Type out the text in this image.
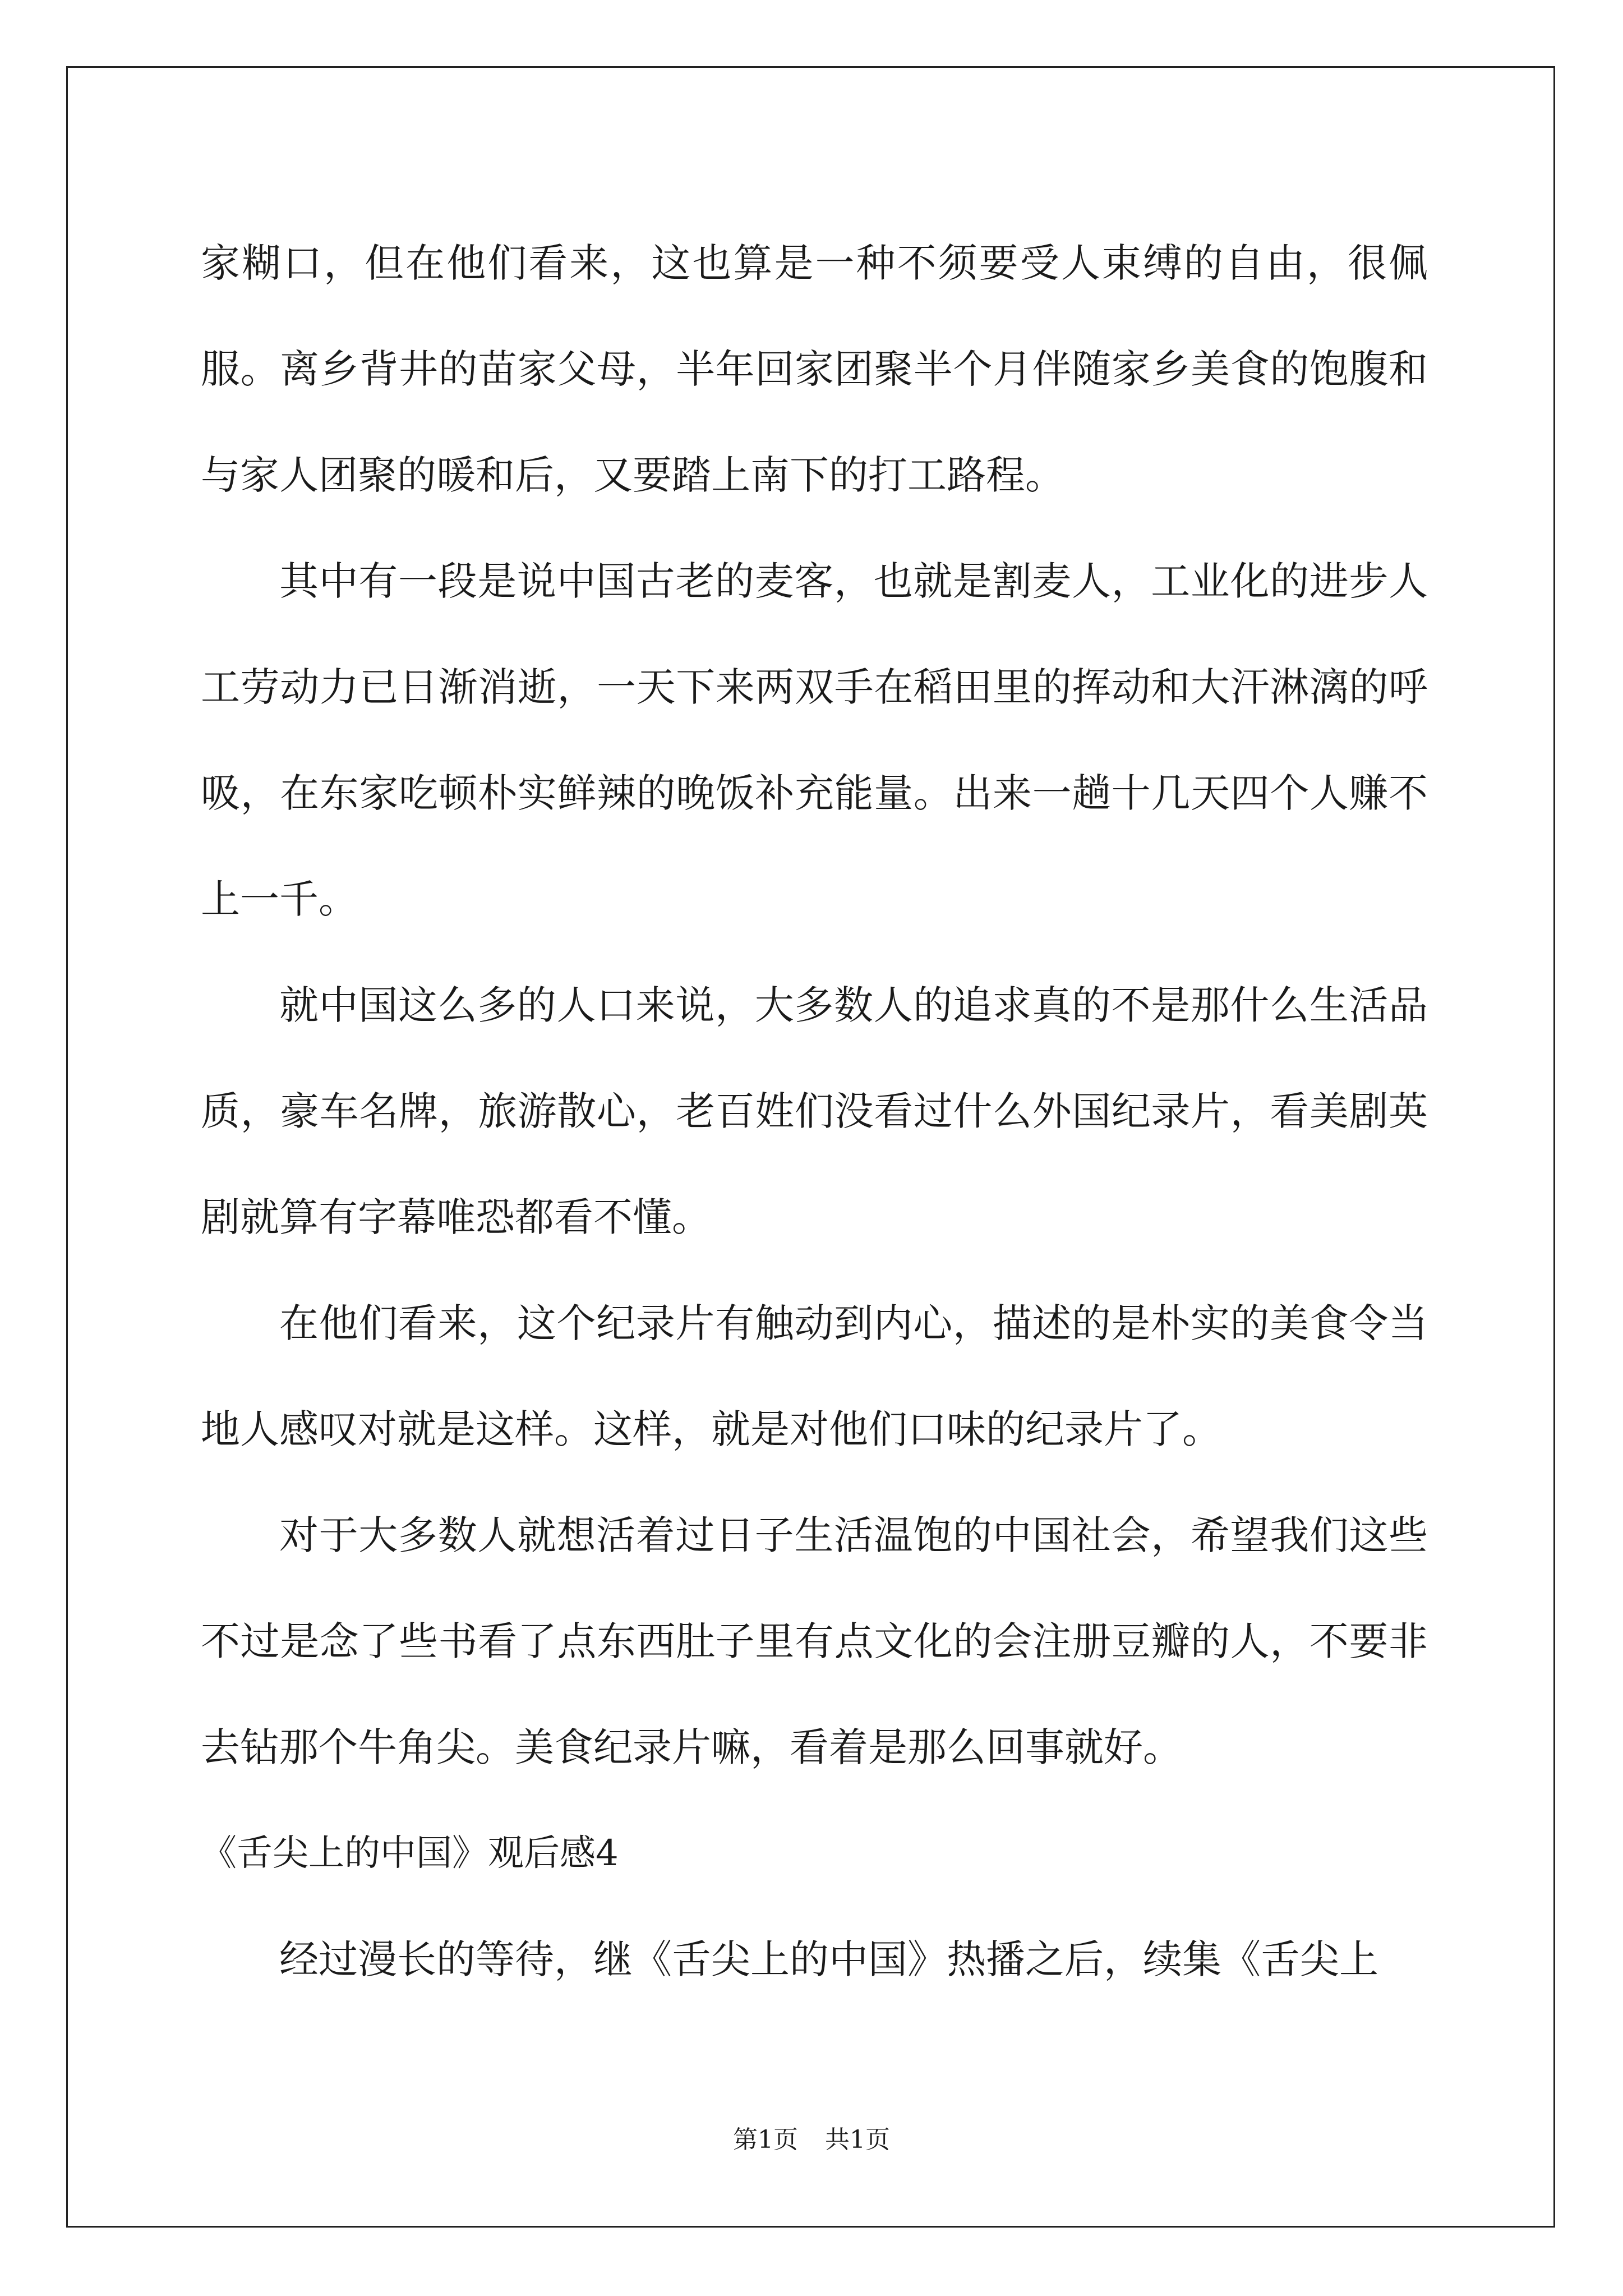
家糊口，但在他们看来，这也算是一种不须要受人束缚的自由，很佩服。离乡背井的苗家父母，半年回家团聚半个月伴随家乡美食的饱腹和与家人团聚的暖和后，又要踏上南下的打工路程。

其中有一段是说中国古老的麦客，也就是割麦人，工业化的进步人工劳动力已日渐消逝，一天下来两双手在稻田里的挥动和大汗淋漓的呼吸，在东家吃顿朴实鲜辣的晚饭补充能量。出来一趟十几天四个人赚不上一千。

就中国这么多的人口来说，大多数人的追求真的不是那什么生活品质，豪车名牌，旅游散心，老百姓们没看过什么外国纪录片，看美剧英剧就算有字幕唯恐都看不懂。

在他们看来，这个纪录片有触动到内心，描述的是朴实的美食令当地人感叹对就是这样。这样，就是对他们口味的纪录片了。

对于大多数人就想活着过日子生活温饱的中国社会，希望我们这些不过是念了些书看了点东西肚子里有点文化的会注册豆瓣的人，不要非去钻那个牛角尖。美食纪录片嘛，看着是那么回事就好。

《舌尖上的中国》观后感4

经过漫长的等待，继《舌尖上的中国》热播之后，续集《舌尖上

第1页 共1页
